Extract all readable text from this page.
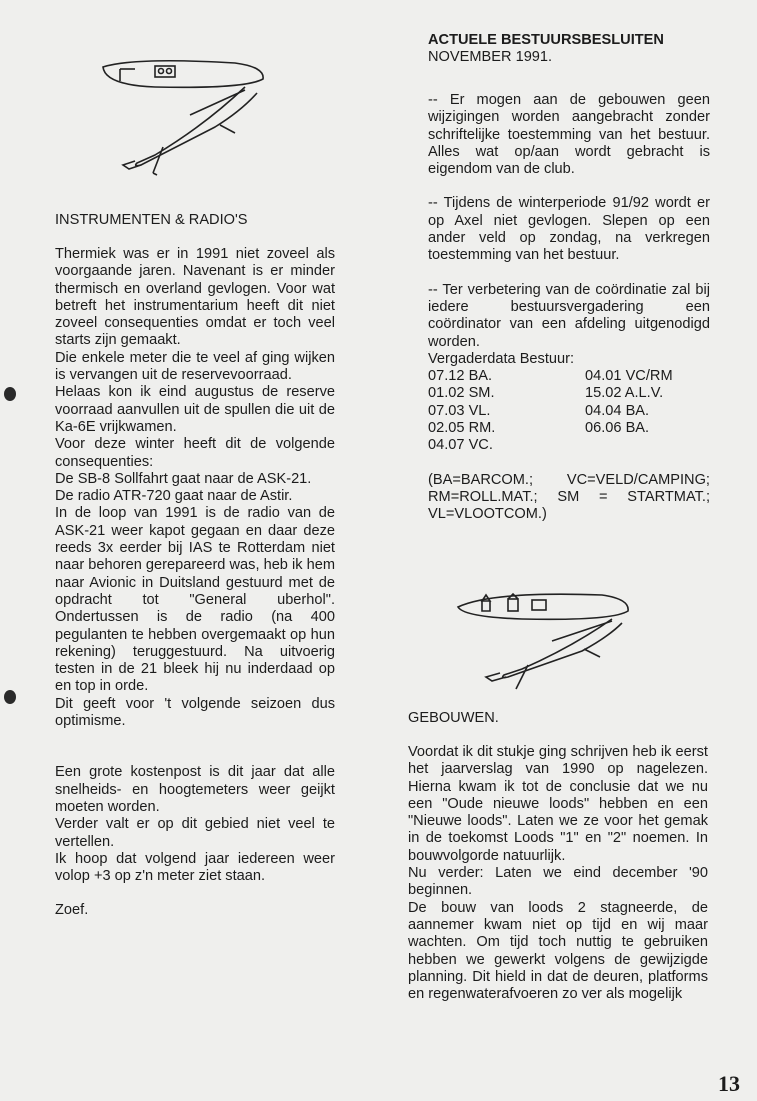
INSTRUMENTEN & RADIO'S

Thermiek was er in 1991 niet zoveel als voorgaande jaren. Navenant is er minder thermisch en overland gevlogen. Voor wat betreft het instrumentarium heeft dit niet zoveel consequenties omdat er toch veel starts zijn gemaakt.

Die enkele meter die te veel af ging wijken is vervangen uit de reservevoorraad.

Helaas kon ik eind augustus de reserve voorraad aanvullen uit de spullen die uit de Ka-6E vrijkwamen.

Voor deze winter heeft dit de volgende consequenties:

De SB-8 Sollfahrt gaat naar de ASK-21.

De radio ATR-720 gaat naar de Astir.

In de loop van 1991 is de radio van de ASK-21 weer kapot gegaan en daar deze reeds 3x eerder bij IAS te Rotterdam niet naar behoren gerepareerd was, heb ik hem naar Avionic in Duitsland gestuurd met de opdracht tot "General uberhol". Ondertussen is de radio (na 400 pegulanten te hebben overgemaakt op hun rekening) teruggestuurd. Na uitvoerig testen in de 21 bleek hij nu inderdaad op en top in orde.

Dit geeft voor 't volgende seizoen dus optimisme.

Een grote kostenpost is dit jaar dat alle snelheids- en hoogtemeters weer geijkt moeten worden.

Verder valt er op dit gebied niet veel te vertellen.

Ik hoop dat volgend jaar iedereen weer volop +3 op z'n meter ziet staan.

Zoef.

ACTUELE BESTUURSBESLUITEN
NOVEMBER 1991.

-- Er mogen aan de gebouwen geen wijzigingen worden aangebracht zonder schriftelijke toestemming van het bestuur. Alles wat op/aan wordt gebracht is eigendom van de club.

-- Tijdens de winterperiode 91/92 wordt er op Axel niet gevlogen. Slepen op een ander veld op zondag, na verkregen toestemming van het bestuur.

-- Ter verbetering van de coördinatie zal bij iedere bestuursvergadering een coördinator van een afdeling uitgenodigd worden.

Vergaderdata Bestuur:

07.12 BA.	04.01 VC/RM
01.02 SM.	15.02 A.L.V.
07.03 VL.	04.04 BA.
02.05 RM.	06.06 BA.
04.07 VC.

(BA=BARCOM.; VC=VELD/CAMPING; RM=ROLL.MAT.; SM = STARTMAT.; VL=VLOOTCOM.)

GEBOUWEN.

Voordat ik dit stukje ging schrijven heb ik eerst het jaarverslag van 1990 op nagelezen. Hierna kwam ik tot de conclusie dat we nu een "Oude nieuwe loods" hebben en een "Nieuwe loods". Laten we ze voor het gemak in de toekomst Loods "1" en "2" noemen. In bouwvolgorde natuurlijk.

Nu verder: Laten we eind december '90 beginnen.

De bouw van loods 2 stagneerde, de aannemer kwam niet op tijd en wij maar wachten. Om tijd toch nuttig te gebruiken hebben we gewerkt volgens de gewijzigde planning. Dit hield in dat de deuren, platforms en regenwaterafvoeren zo ver als mogelijk

13
